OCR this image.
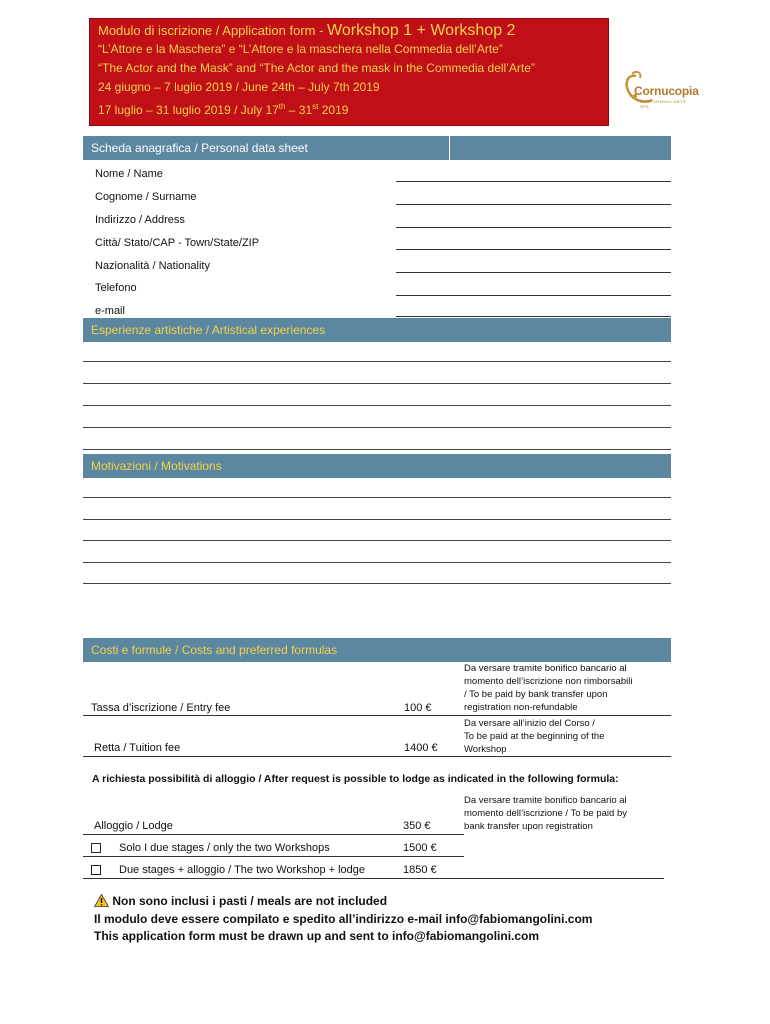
Modulo di iscrizione / Application form - Workshop 1 + Workshop 2
“L’Attore e la Maschera” e “L’Attore e la maschera nella Commedia dell’Arte”
“The Actor and the Mask” and “The Actor and the mask in the Commedia dell’Arte”
24 giugno – 7 luglio 2019 / June 24th – July 7th 2019
17 luglio – 31 luglio 2019 / July 17th – 31st 2019
Cornucopia
PERFORMING ARTS SPA
Scheda anagrafica / Personal data sheet
Nome / Name
Cognome / Surname
Indirizzo / Address
Città/ Stato/CAP - Town/State/ZIP
Nazionalità / Nationality
Telefono
e-mail
Esperienze artistiche / Artistical experiences
Motivazioni / Motivations
Costi e formule / Costs and preferred formulas
Da versare tramite bonifico bancario al
momento dell’iscrizione non rimborsabili
/ To be paid by bank transfer upon
registration non-refundable
Tassa d’iscrizione / Entry fee	100 €
Da versare all’inizio del Corso /
To be paid at the beginning of the
Workshop
Retta / Tuition fee	1400 €
A richiesta possibilità di alloggio / After request is possible to lodge as indicated in the following formula:
Da versare tramite bonifico bancario al
momento dell’iscrizione / To be paid by
bank transfer upon registration
Alloggio / Lodge	350 €
Solo I due stages / only the two Workshops	1500 €
Due stages + alloggio / The two Workshop + lodge	1850 €
Non sono inclusi i pasti / meals are not included
Il modulo deve essere compilato e spedito all’indirizzo e-mail info@fabiomangolini.com
This application form must be drawn up and sent to info@fabiomangolini.com
